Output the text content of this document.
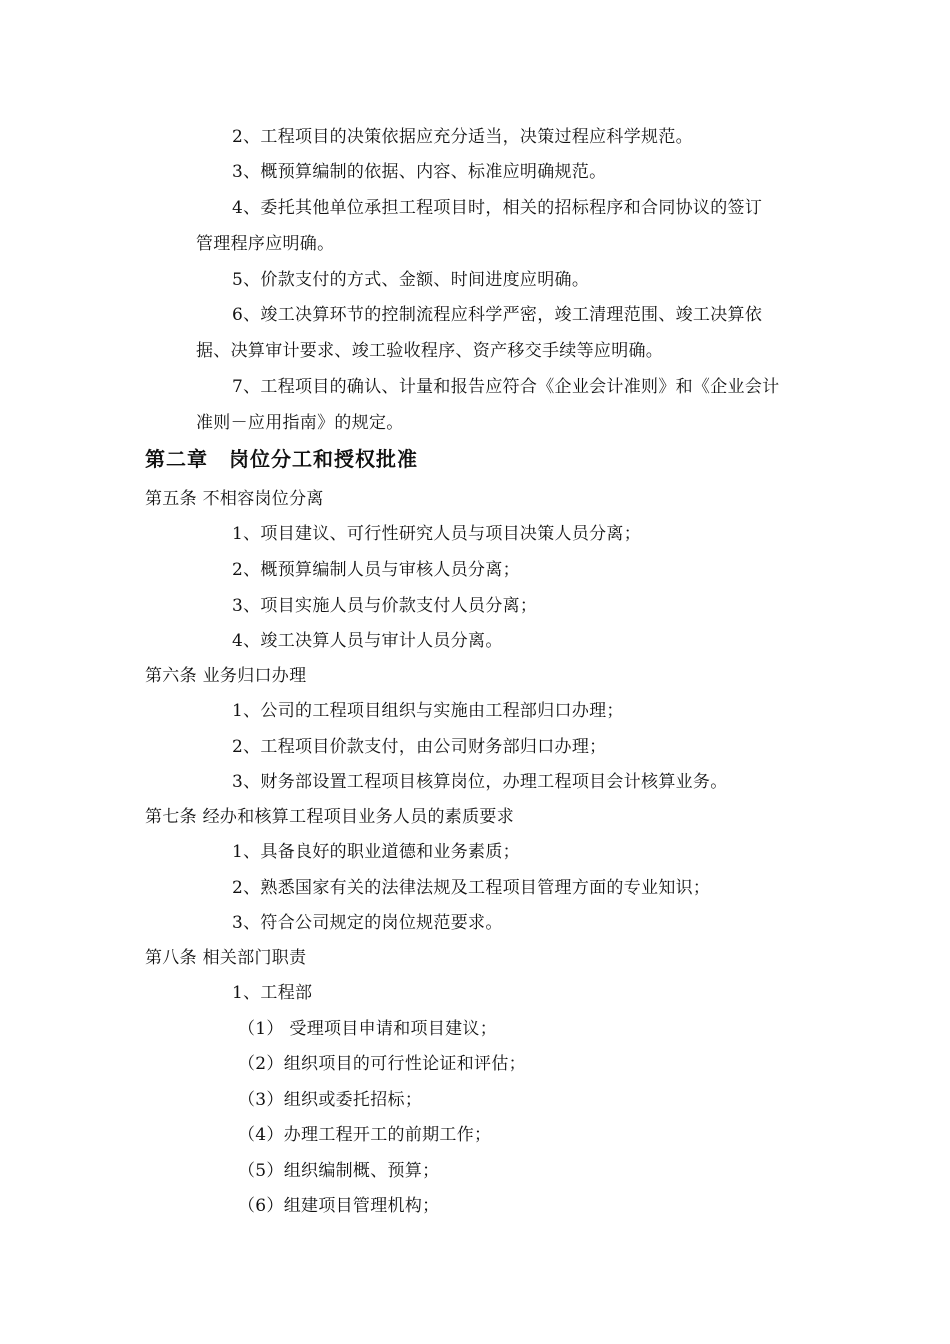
2、工程项目的决策依据应充分适当，决策过程应科学规范。
3、概预算编制的依据、内容、标准应明确规范。
4、委托其他单位承担工程项目时，相关的招标程序和合同协议的签订
管理程序应明确。
5、价款支付的方式、金额、时间进度应明确。
6、竣工决算环节的控制流程应科学严密，竣工清理范围、竣工决算依
据、决算审计要求、竣工验收程序、资产移交手续等应明确。
7、工程项目的确认、计量和报告应符合《企业会计准则》和《企业会计
准则－应用指南》的规定。
第二章　岗位分工和授权批准
第五条 不相容岗位分离
1、项目建议、可行性研究人员与项目决策人员分离；
2、概预算编制人员与审核人员分离；
3、项目实施人员与价款支付人员分离；
4、竣工决算人员与审计人员分离。
第六条 业务归口办理
1、公司的工程项目组织与实施由工程部归口办理；
2、工程项目价款支付，由公司财务部归口办理；
3、财务部设置工程项目核算岗位，办理工程项目会计核算业务。
第七条 经办和核算工程项目业务人员的素质要求
1、具备良好的职业道德和业务素质；
2、熟悉国家有关的法律法规及工程项目管理方面的专业知识；
3、符合公司规定的岗位规范要求。
第八条 相关部门职责
1、工程部
（1） 受理项目申请和项目建议；
（2）组织项目的可行性论证和评估；
（3）组织或委托招标；
（4）办理工程开工的前期工作；
（5）组织编制概、预算；
（6）组建项目管理机构；
